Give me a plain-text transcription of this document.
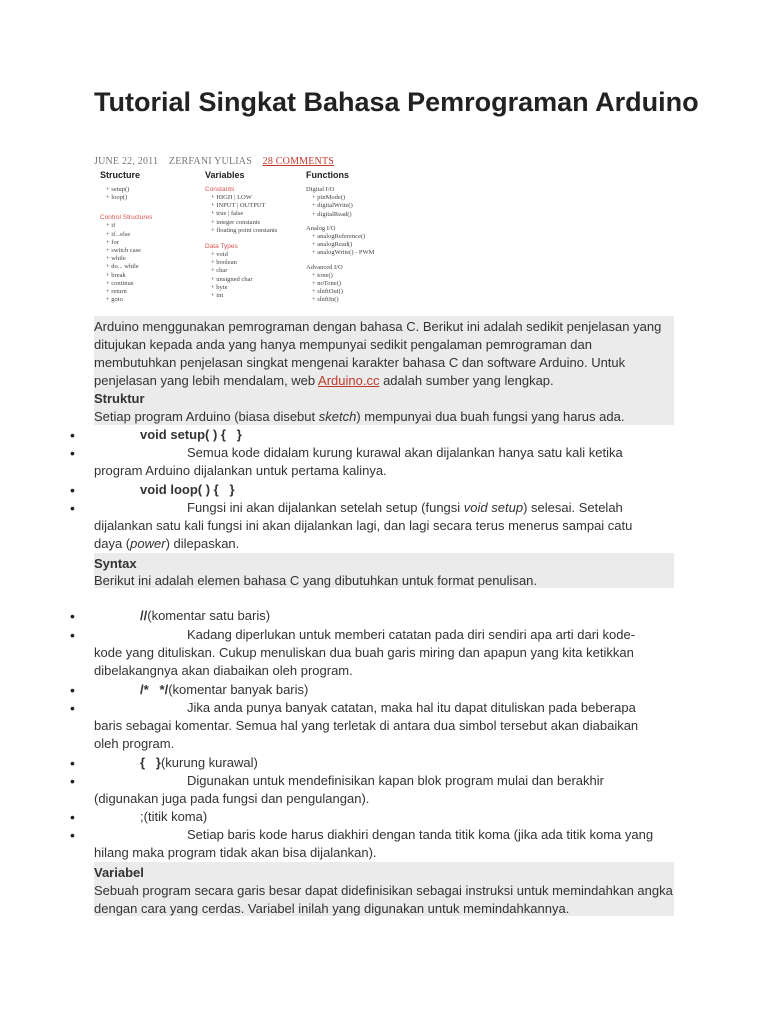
Tutorial Singkat Bahasa Pemrograman Arduino
JUNE 22, 2011 ZERFANI YULIAS 28 COMMENTS
Structure
+ setup()
+ loop()
Control Structures
+ if
+ if...else
+ for
+ switch case
+ while
+ do... while
+ break
+ continue
+ return
+ goto
Variables
Constants
+ HIGH | LOW
+ INPUT | OUTPUT
+ true | false
+ integer constants
+ floating point constants
Data Types
+ void
+ boolean
+ char
+ unsigned char
+ byte
+ int
Functions
Digital I/O
+ pinMode()
+ digitalWrite()
+ digitalRead()
Analog I/O
+ analogReference()
+ analogRead()
+ analogWrite() - PWM
Advanced I/O
+ tone()
+ noTone()
+ shiftOut()
+ shiftIn()

Arduino menggunakan pemrograman dengan bahasa C. Berikut ini adalah sedikit penjelasan yang ditujukan kepada anda yang hanya mempunyai sedikit pengalaman pemrograman dan membutuhkan penjelasan singkat mengenai karakter bahasa C dan software Arduino. Untuk penjelasan yang lebih mendalam, web Arduino.cc adalah sumber yang lengkap.

Struktur

Setiap program Arduino (biasa disebut sketch) mempunyai dua buah fungsi yang harus ada.

•	void setup( ) {   }
•	Semua kode didalam kurung kurawal akan dijalankan hanya satu kali ketika program Arduino dijalankan untuk pertama kalinya.

•	void loop( ) {   }
•	Fungsi ini akan dijalankan setelah setup (fungsi void setup) selesai. Setelah dijalankan satu kali fungsi ini akan dijalankan lagi, dan lagi secara terus menerus sampai catu daya (power) dilepaskan.

Syntax

Berikut ini adalah elemen bahasa C yang dibutuhkan untuk format penulisan.

•	//(komentar satu baris)
•	Kadang diperlukan untuk memberi catatan pada diri sendiri apa arti dari kode-kode yang dituliskan. Cukup menuliskan dua buah garis miring dan apapun yang kita ketikkan dibelakangnya akan diabaikan oleh program.

•	/*   */(komentar banyak baris)
•	Jika anda punya banyak catatan, maka hal itu dapat dituliskan pada beberapa baris sebagai komentar. Semua hal yang terletak di antara dua simbol tersebut akan diabaikan oleh program.

•	{   }(kurung kurawal)
•	Digunakan untuk mendefinisikan kapan blok program mulai dan berakhir (digunakan juga pada fungsi dan pengulangan).

•	;(titik koma)
•	Setiap baris kode harus diakhiri dengan tanda titik koma (jika ada titik koma yang hilang maka program tidak akan bisa dijalankan).

Variabel

Sebuah program secara garis besar dapat didefinisikan sebagai instruksi untuk memindahkan angka dengan cara yang cerdas. Variabel inilah yang digunakan untuk memindahkannya.
